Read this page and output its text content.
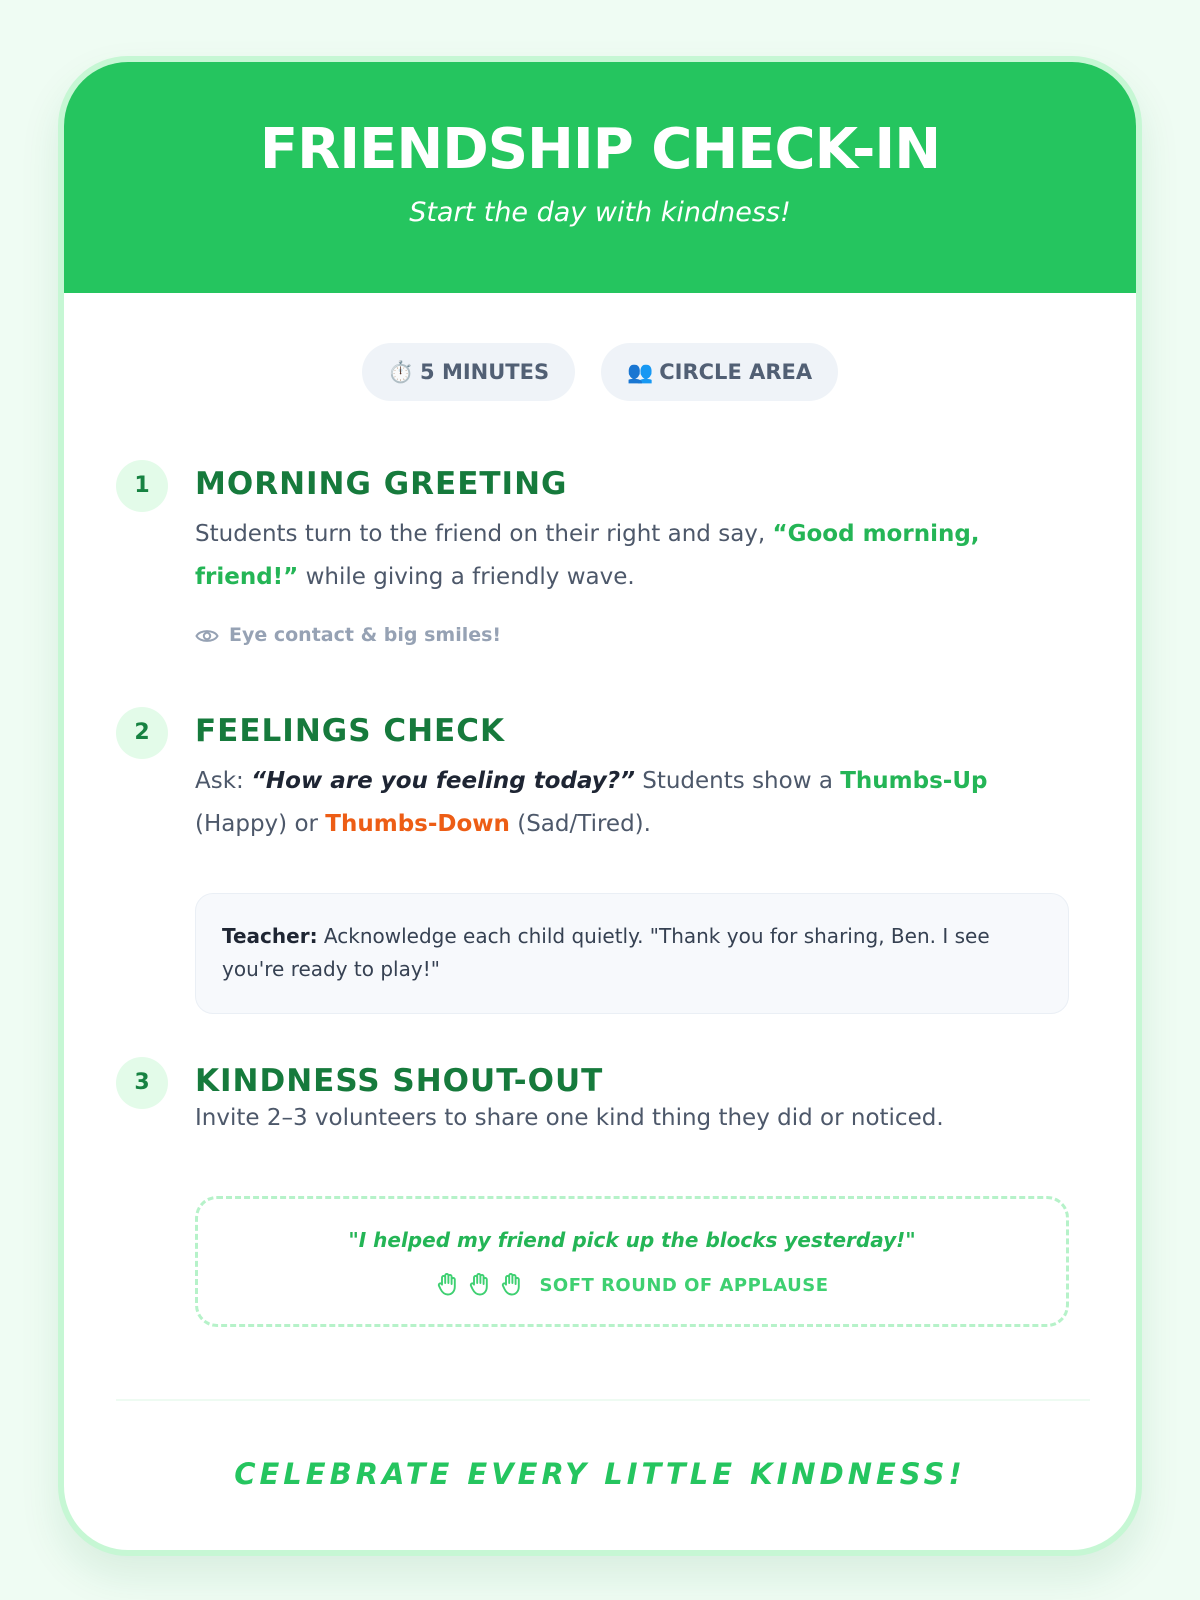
FRIENDSHIP CHECK-IN
Start the day with kindness!
⏱️ 5 MINUTES	👥 CIRCLE AREA
1	MORNING GREETING
Students turn to the friend on their right and say, “Good morning, friend!” while giving a friendly wave.
Eye contact & big smiles!
2	FEELINGS CHECK
Ask: “How are you feeling today?” Students show a Thumbs-Up (Happy) or Thumbs-Down (Sad/Tired).
Teacher: Acknowledge each child quietly. "Thank you for sharing, Ben. I see you're ready to play!"
3	KINDNESS SHOUT-OUT
Invite 2–3 volunteers to share one kind thing they did or noticed.
"I helped my friend pick up the blocks yesterday!"
SOFT ROUND OF APPLAUSE
CELEBRATE EVERY LITTLE KINDNESS!
